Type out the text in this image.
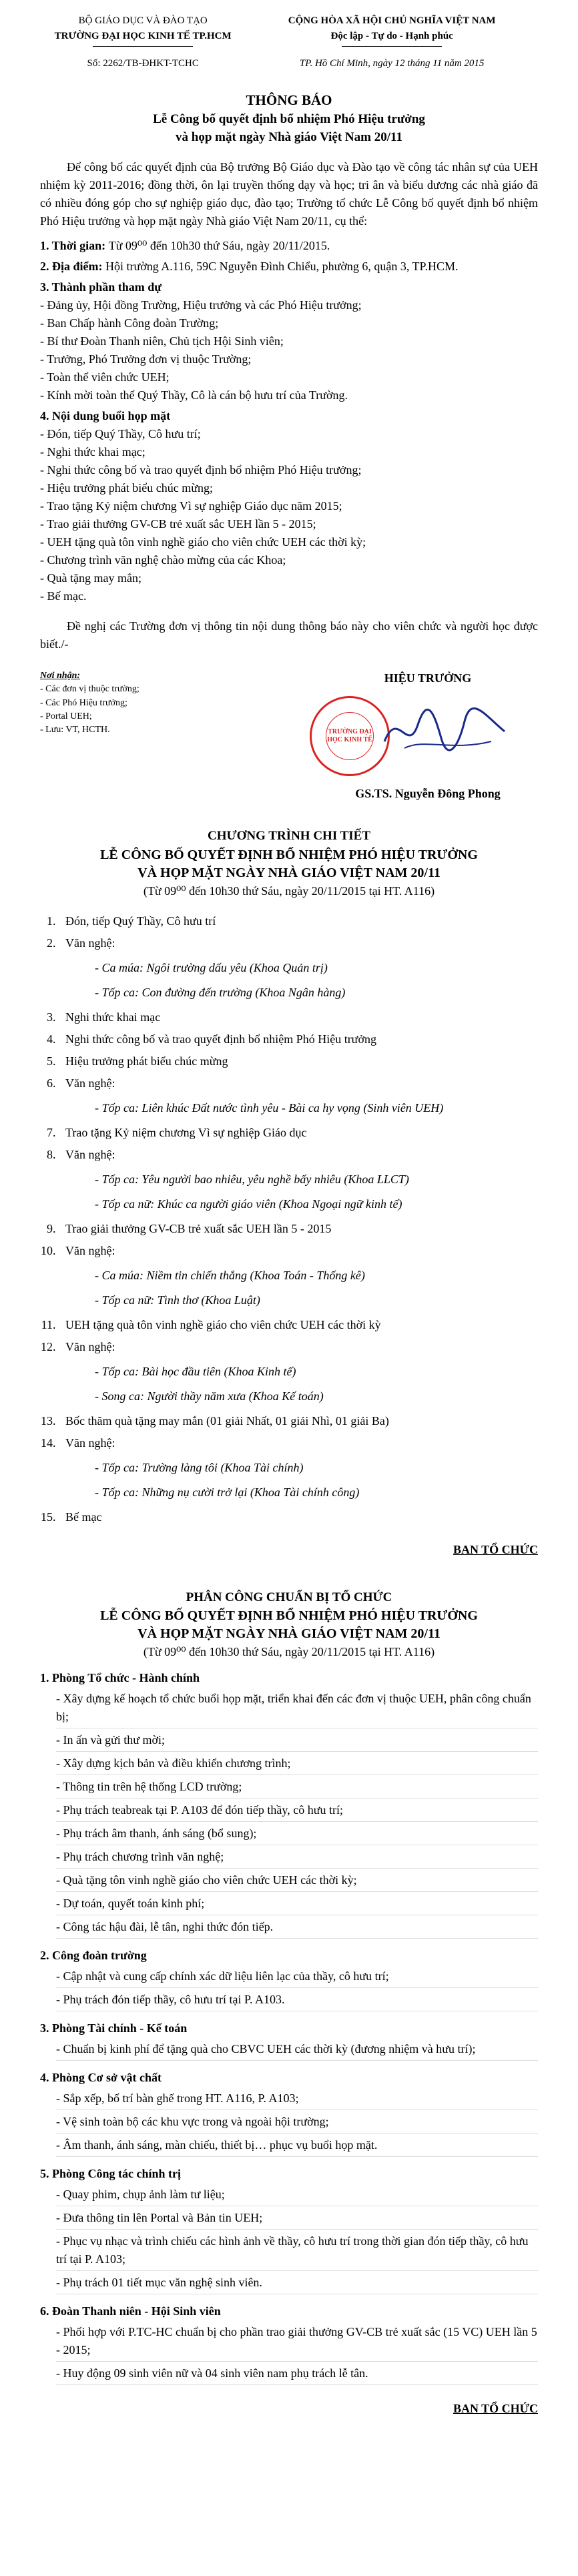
BỘ GIÁO DỤC VÀ ĐÀO TẠO
TRƯỜNG ĐẠI HỌC KINH TẾ TP.HCM
Số: 2262/TB-ĐHKT-TCHC
CỘNG HÒA XÃ HỘI CHỦ NGHĨA VIỆT NAM
Độc lập - Tự do - Hạnh phúc
TP. Hồ Chí Minh, ngày 12 tháng 11 năm 2015
THÔNG BÁO
Lễ Công bố quyết định bổ nhiệm Phó Hiệu trưởng
và họp mặt ngày Nhà giáo Việt Nam 20/11
Để công bố các quyết định của Bộ trưởng Bộ Giáo dục và Đào tạo về công tác nhân sự của UEH nhiệm kỳ 2011-2016; đồng thời, ôn lại truyền thống dạy và học; tri ân và biểu dương các nhà giáo đã có nhiều đóng góp cho sự nghiệp giáo dục, đào tạo; Trường tổ chức Lễ Công bố quyết định bổ nhiệm Phó Hiệu trưởng và họp mặt ngày Nhà giáo Việt Nam 20/11, cụ thể:
1. Thời gian: Từ 09⁰⁰ đến 10h30 thứ Sáu, ngày 20/11/2015.
2. Địa điểm: Hội trường A.116, 59C Nguyễn Đình Chiểu, phường 6, quận 3, TP.HCM.
3. Thành phần tham dự
- Đảng ủy, Hội đồng Trường, Hiệu trưởng và các Phó Hiệu trưởng;
- Ban Chấp hành Công đoàn Trường;
- Bí thư Đoàn Thanh niên, Chủ tịch Hội Sinh viên;
- Trưởng, Phó Trưởng đơn vị thuộc Trường;
- Toàn thể viên chức UEH;
- Kính mời toàn thể Quý Thầy, Cô là cán bộ hưu trí của Trường.
4. Nội dung buổi họp mặt
- Đón, tiếp Quý Thầy, Cô hưu trí;
- Nghi thức khai mạc;
- Nghi thức công bố và trao quyết định bổ nhiệm Phó Hiệu trưởng;
- Hiệu trưởng phát biểu chúc mừng;
- Trao tặng Kỷ niệm chương Vì sự nghiệp Giáo dục năm 2015;
- Trao giải thưởng GV-CB trẻ xuất sắc UEH lần 5 - 2015;
- UEH tặng quà tôn vinh nghề giáo cho viên chức UEH các thời kỳ;
- Chương trình văn nghệ chào mừng của các Khoa;
- Quà tặng may mắn;
- Bế mạc.
Đề nghị các Trường đơn vị thông tin nội dung thông báo này cho viên chức và người học được biết./-
Nơi nhận:
- Các đơn vị thuộc trường;
- Các Phó Hiệu trưởng;
- Portal UEH;
- Lưu: VT, HCTH.
HIỆU TRƯỞNG
TRƯỜNG ĐẠI HỌC KINH TẾ
GS.TS. Nguyễn Đông Phong
CHƯƠNG TRÌNH CHI TIẾT
LỄ CÔNG BỐ QUYẾT ĐỊNH BỔ NHIỆM PHÓ HIỆU TRƯỞNG
VÀ HỌP MẶT NGÀY NHÀ GIÁO VIỆT NAM 20/11
(Từ 09⁰⁰ đến 10h30 thứ Sáu, ngày 20/11/2015 tại HT. A116)
1. Đón, tiếp Quý Thầy, Cô hưu trí
2. Văn nghệ:
- Ca múa: Ngôi trường dấu yêu (Khoa Quản trị)
- Tốp ca: Con đường đến trường (Khoa Ngân hàng)
3. Nghi thức khai mạc
4. Nghi thức công bố và trao quyết định bổ nhiệm Phó Hiệu trưởng
5. Hiệu trưởng phát biểu chúc mừng
6. Văn nghệ:
- Tốp ca: Liên khúc Đất nước tình yêu - Bài ca hy vọng (Sinh viên UEH)
7. Trao tặng Kỷ niệm chương Vì sự nghiệp Giáo dục
8. Văn nghệ:
- Tốp ca: Yêu người bao nhiêu, yêu nghề bấy nhiêu (Khoa LLCT)
- Tốp ca nữ: Khúc ca người giáo viên (Khoa Ngoại ngữ kinh tế)
9. Trao giải thưởng GV-CB trẻ xuất sắc UEH lần 5 - 2015
10. Văn nghệ:
- Ca múa: Niềm tin chiến thắng (Khoa Toán - Thống kê)
- Tốp ca nữ: Tình thơ (Khoa Luật)
11. UEH tặng quà tôn vinh nghề giáo cho viên chức UEH các thời kỳ
12. Văn nghệ:
- Tốp ca: Bài học đầu tiên (Khoa Kinh tế)
- Song ca: Người thầy năm xưa (Khoa Kế toán)
13. Bốc thăm quà tặng may mắn (01 giải Nhất, 01 giải Nhì, 01 giải Ba)
14. Văn nghệ:
- Tốp ca: Trường làng tôi (Khoa Tài chính)
- Tốp ca: Những nụ cười trở lại (Khoa Tài chính công)
15. Bế mạc
BAN TỔ CHỨC
PHÂN CÔNG CHUẨN BỊ TỔ CHỨC
LỄ CÔNG BỐ QUYẾT ĐỊNH BỔ NHIỆM PHÓ HIỆU TRƯỞNG
VÀ HỌP MẶT NGÀY NHÀ GIÁO VIỆT NAM 20/11
(Từ 09⁰⁰ đến 10h30 thứ Sáu, ngày 20/11/2015 tại HT. A116)
1. Phòng Tổ chức - Hành chính
- Xây dựng kế hoạch tổ chức buổi họp mặt, triển khai đến các đơn vị thuộc UEH, phân công chuẩn bị;
- In ấn và gửi thư mời;
- Xây dựng kịch bản và điều khiển chương trình;
- Thông tin trên hệ thống LCD trường;
- Phụ trách teabreak tại P. A103 để đón tiếp thầy, cô hưu trí;
- Phụ trách âm thanh, ánh sáng (bổ sung);
- Phụ trách chương trình văn nghệ;
- Quà tặng tôn vinh nghề giáo cho viên chức UEH các thời kỳ;
- Dự toán, quyết toán kinh phí;
- Công tác hậu đài, lễ tân, nghi thức đón tiếp.
2. Công đoàn trường
- Cập nhật và cung cấp chính xác dữ liệu liên lạc của thầy, cô hưu trí;
- Phụ trách đón tiếp thầy, cô hưu trí tại P. A103.
3. Phòng Tài chính - Kế toán
- Chuẩn bị kinh phí để tặng quà cho CBVC UEH các thời kỳ (đương nhiệm và hưu trí);
4. Phòng Cơ sở vật chất
- Sắp xếp, bố trí bàn ghế trong HT. A116, P. A103;
- Vệ sinh toàn bộ các khu vực trong và ngoài hội trường;
- Âm thanh, ánh sáng, màn chiếu, thiết bị… phục vụ buổi họp mặt.
5. Phòng Công tác chính trị
- Quay phim, chụp ảnh làm tư liệu;
- Đưa thông tin lên Portal và Bản tin UEH;
- Phục vụ nhạc và trình chiếu các hình ảnh về thầy, cô hưu trí trong thời gian đón tiếp thầy, cô hưu trí tại P. A103;
- Phụ trách 01 tiết mục văn nghệ sinh viên.
6. Đoàn Thanh niên - Hội Sinh viên
- Phối hợp với P.TC-HC chuẩn bị cho phần trao giải thưởng GV-CB trẻ xuất sắc (15 VC) UEH lần 5 - 2015;
- Huy động 09 sinh viên nữ và 04 sinh viên nam phụ trách lễ tân.
BAN TỔ CHỨC
